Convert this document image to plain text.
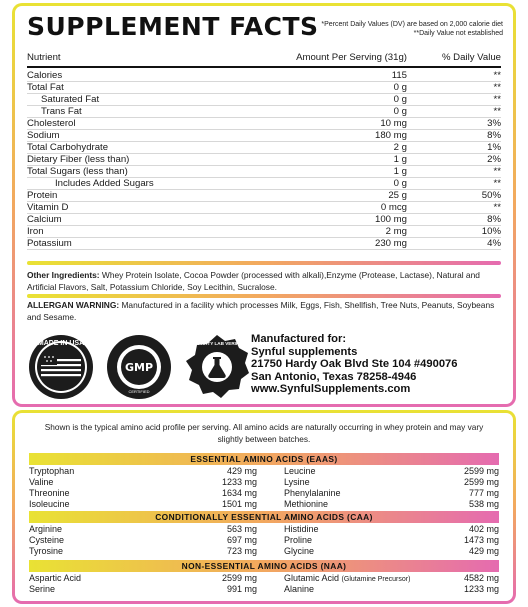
SUPPLEMENT FACTS *Percent Daily Values (DV) are based on 2,000 calorie diet
**Daily Value not established
Nutrient	Amount Per Serving (31g)	% Daily Value
Calories	115	**
Total Fat	0 g	**
Saturated Fat	0 g	**
Trans Fat	0 g	**
Cholesterol	10 mg	3%
Sodium	180 mg	8%
Total Carbohydrate	2 g	1%
Dietary Fiber (less than)	1 g	2%
Total Sugars (less than)	1 g	**
Includes Added Sugars	0 g	**
Protein	25 g	50%
Vitamin D	0 mcg	**
Calcium	100 mg	8%
Iron	2 mg	10%
Potassium	230 mg	4%
Other Ingredients: Whey Protein Isolate, Cocoa Powder (processed with alkali),Enzyme (Protease, Lactase), Natural and Artificial Flavors, Salt, Potassium Chloride, Soy Lecithin, Sucralose.
ALLERGAN WARNING: Manufactured in a facility which processes Milk, Eggs, Fish, Shellfish, Tree Nuts, Peanuts, Soybeans and Sesame.
MADE IN USA
GMP
CERTIFIED
3RD PARTY LAB VERIFIED Manufactured for:
Synful supplements
21750 Hardy Oak Blvd Ste 104 #490076
San Antonio, Texas 78258-4946
www.SynfulSupplements.com
Shown is the typical amino acid profile per serving. All amino acids are naturally occurring in whey protein and may vary slightly between batches.
ESSENTIAL AMINO ACIDS (EAAS)
Tryptophan	429 mg	Leucine	2599 mg
Valine	1233 mg	Lysine	2599 mg
Threonine	1634 mg	Phenylalanine	777 mg
Isoleucine	1501 mg	Methionine	538 mg
CONDITIONALLY ESSENTIAL AMINO ACIDS (CAA)
Arginine	563 mg	Histidine	402 mg
Cysteine	697 mg	Proline	1473 mg
Tyrosine	723 mg	Glycine	429 mg
NON-ESSENTIAL AMINO ACIDS (NAA)
Aspartic Acid	2599 mg	Glutamic Acid (Glutamine Precursor)	4582 mg
Serine	991 mg	Alanine	1233 mg
